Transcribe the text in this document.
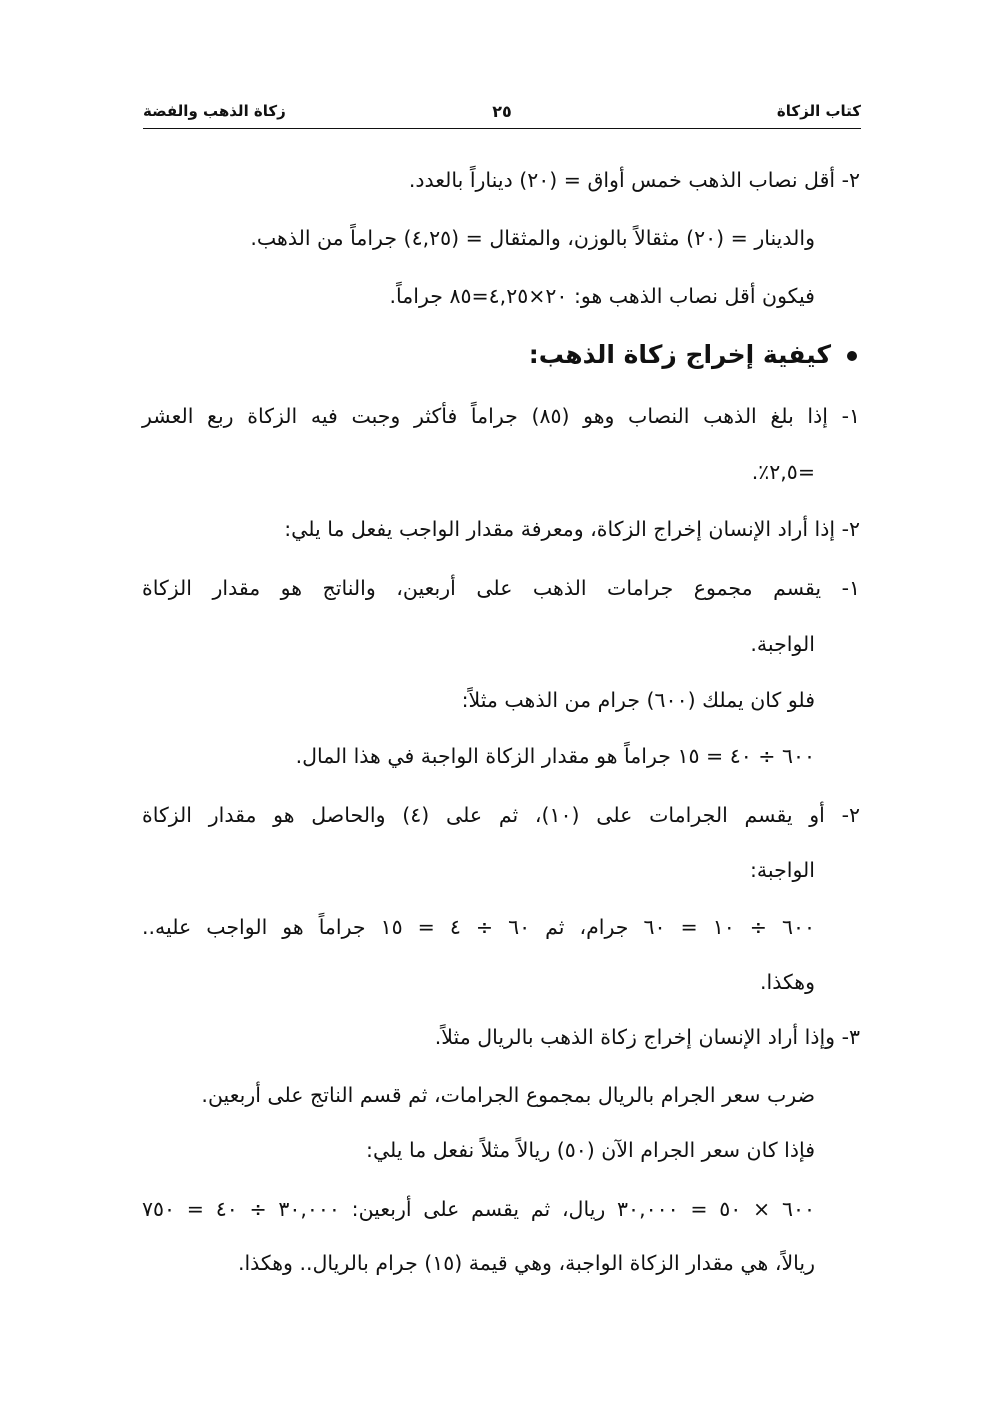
كتاب الزكاة
٢٥
زكاة الذهب والفضة
٢- أقل نصاب الذهب خمس أواق = (٢٠) ديناراً بالعدد.
والدينار = (٢٠) مثقالاً بالوزن، والمثقال = (٤,٢٥) جراماً من الذهب.
فيكون أقل نصاب الذهب هو: ٢٠×٤,٢٥=٨٥ جراماً.
كيفية إخراج زكاة الذهب:
١- إذا بلغ الذهب النصاب وهو (٨٥) جراماً فأكثر وجبت فيه الزكاة ربع العشر
=٢,٥٪.
٢- إذا أراد الإنسان إخراج الزكاة، ومعرفة مقدار الواجب يفعل ما يلي:
١- يقسم مجموع جرامات الذهب على أربعين، والناتج هو مقدار الزكاة
الواجبة.
فلو كان يملك (٦٠٠) جرام من الذهب مثلاً:
٦٠٠ ÷ ٤٠ = ١٥ جراماً هو مقدار الزكاة الواجبة في هذا المال.
٢- أو يقسم الجرامات على (١٠)، ثم على (٤) والحاصل هو مقدار الزكاة
الواجبة:
٦٠٠ ÷ ١٠ = ٦٠ جرام، ثم ٦٠ ÷ ٤ = ١٥ جراماً هو الواجب عليه..
وهكذا.
٣- وإذا أراد الإنسان إخراج زكاة الذهب بالريال مثلاً.
ضرب سعر الجرام بالريال بمجموع الجرامات، ثم قسم الناتج على أربعين.
فإذا كان سعر الجرام الآن (٥٠) ريالاً مثلاً نفعل ما يلي:
٦٠٠ × ٥٠ = ٣٠,٠٠٠ ريال، ثم يقسم على أربعين: ٣٠,٠٠٠ ÷ ٤٠ = ٧٥٠
ريالاً، هي مقدار الزكاة الواجبة، وهي قيمة (١٥) جرام بالريال.. وهكذا.
